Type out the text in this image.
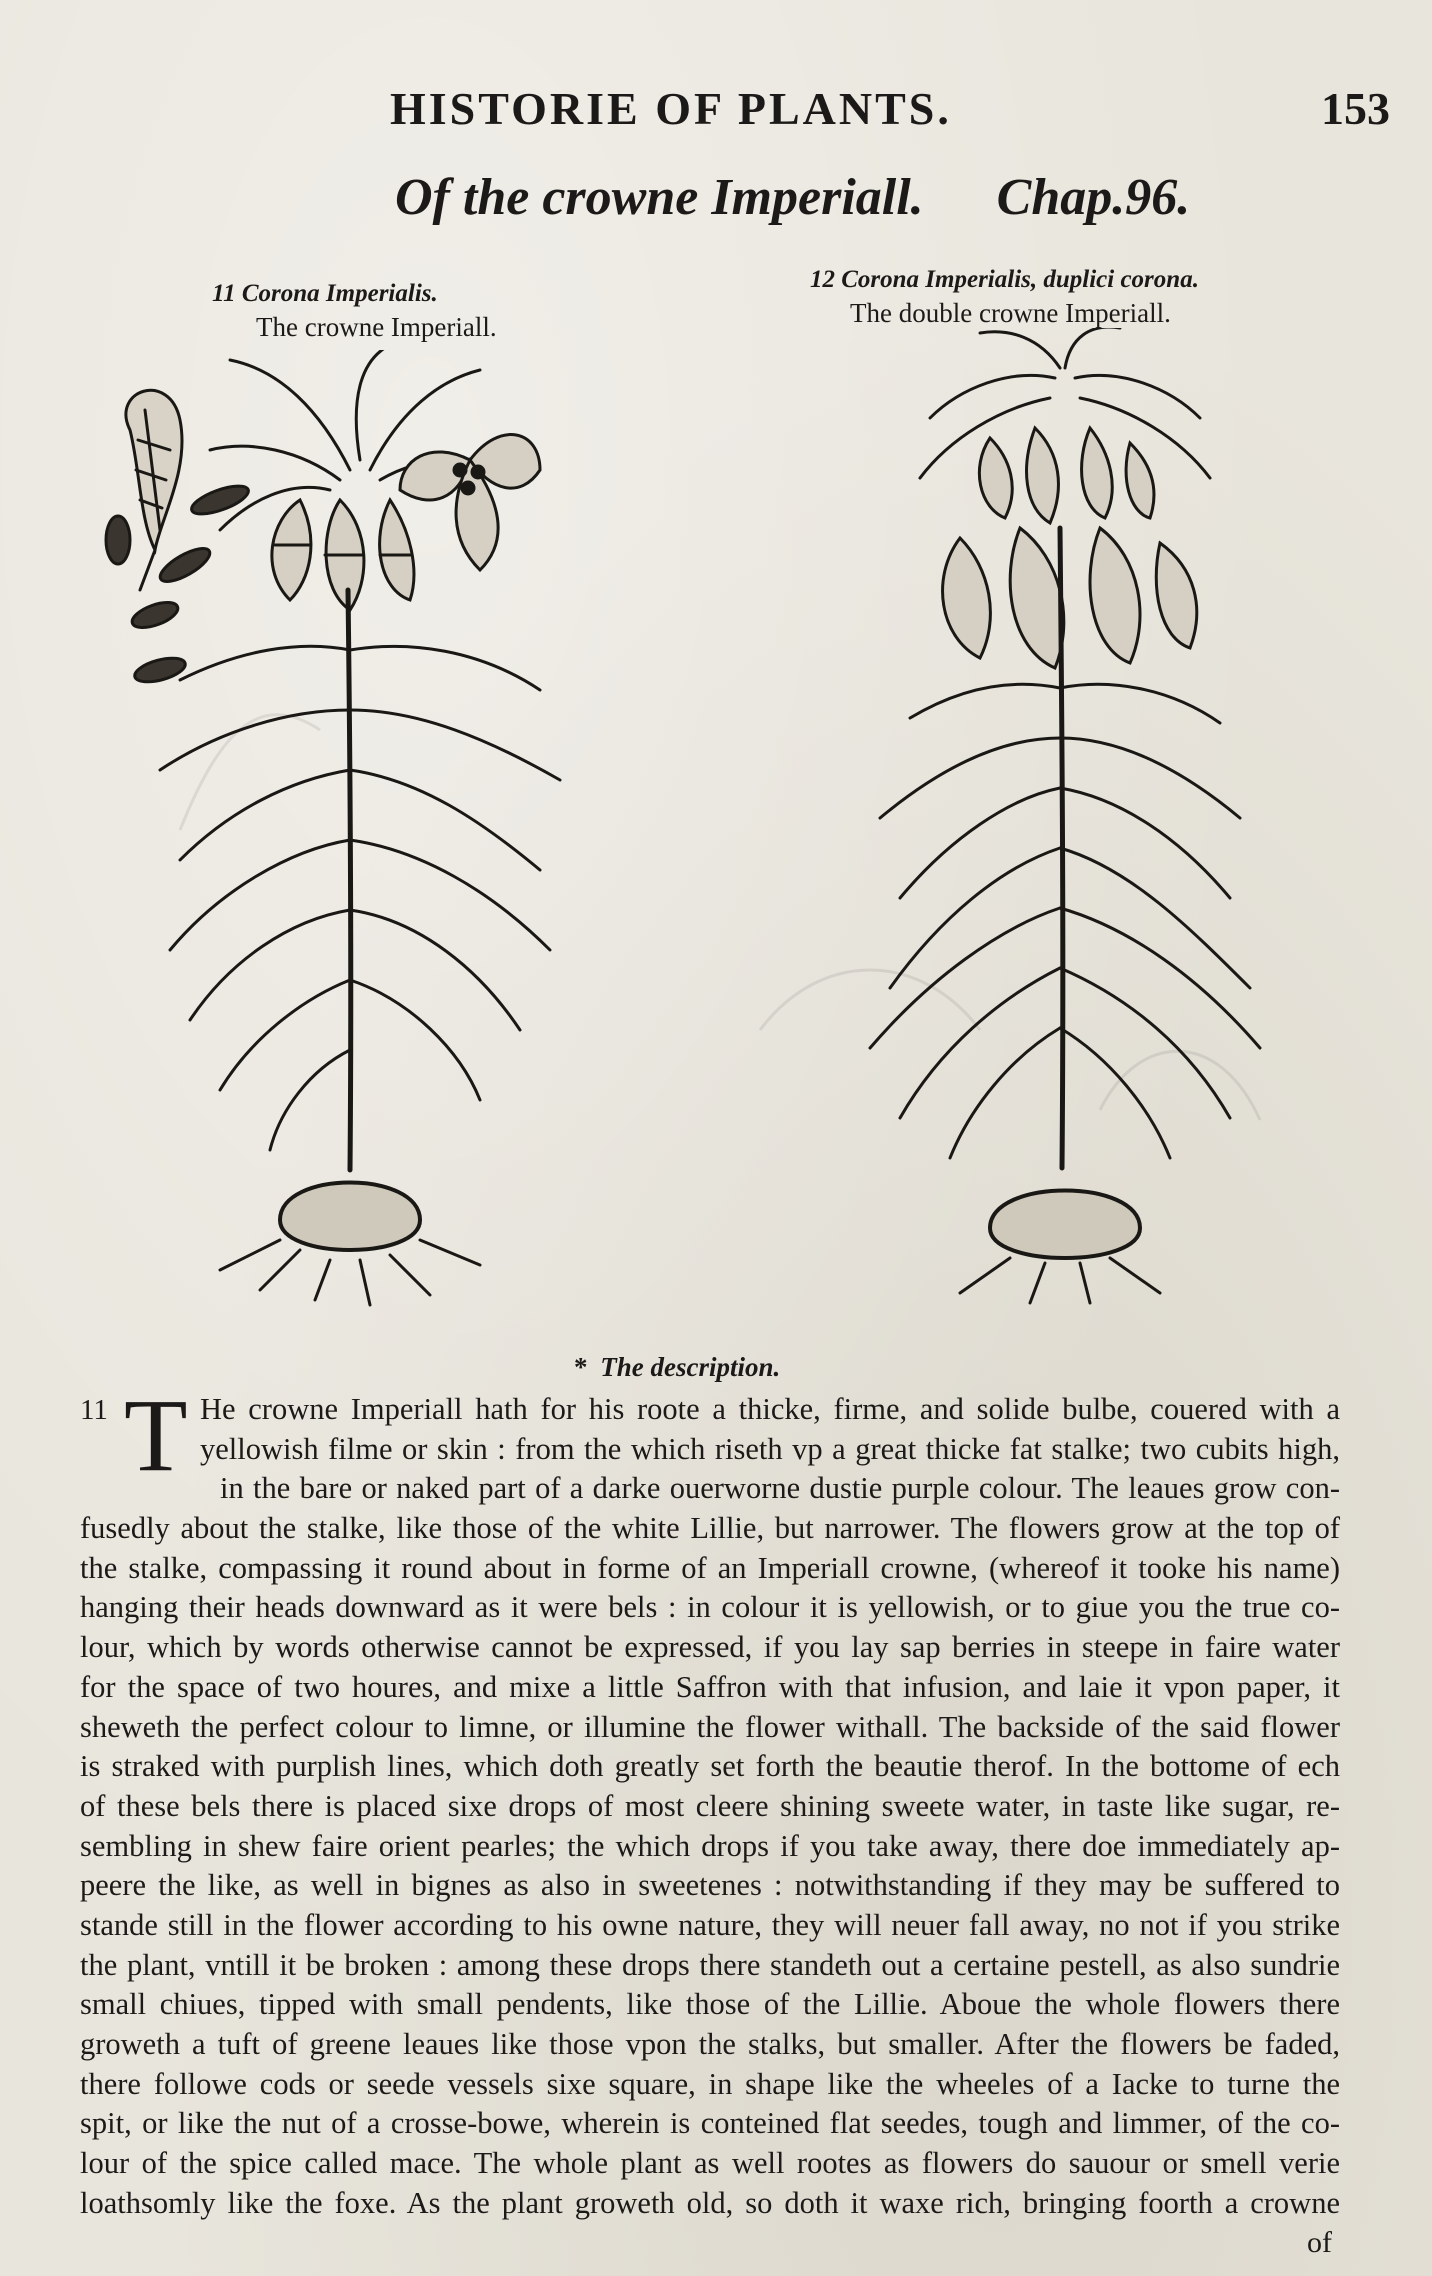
HISTORIE OF PLANTS.	153
Of the crowne Imperiall. Chap.96.
11 Corona Imperialis.
The crowne Imperiall.
12 Corona Imperialis, duplici corona.
The double crowne Imperiall.
* The description.
11 T He crowne Imperiall hath for his roote a thicke, firme, and solide bulbe, couered with a
yellowish filme or skin : from the which riseth vp a great thicke fat stalke; two cubits high,
in the bare or naked part of a darke ouerworne dustie purple colour. The leaues grow con-
fusedly about the stalke, like those of the white Lillie, but narrower. The flowers grow at the top of
the stalke, compassing it round about in forme of an Imperiall crowne, (whereof it tooke his name)
hanging their heads downward as it were bels : in colour it is yellowish, or to giue you the true co-
lour, which by words otherwise cannot be expressed, if you lay sap berries in steepe in faire water
for the space of two houres, and mixe a little Saffron with that infusion, and laie it vpon paper, it
sheweth the perfect colour to limne, or illumine the flower withall. The backside of the said flower
is straked with purplish lines, which doth greatly set forth the beautie therof. In the bottome of ech
of these bels there is placed sixe drops of most cleere shining sweete water, in taste like sugar, re-
sembling in shew faire orient pearles; the which drops if you take away, there doe immediately ap-
peere the like, as well in bignes as also in sweetenes : notwithstanding if they may be suffered to
stande still in the flower according to his owne nature, they will neuer fall away, no not if you strike
the plant, vntill it be broken : among these drops there standeth out a certaine pestell, as also sundrie
small chiues, tipped with small pendents, like those of the Lillie. Aboue the whole flowers there
groweth a tuft of greene leaues like those vpon the stalks, but smaller. After the flowers be faded,
there followe cods or seede vessels sixe square, in shape like the wheeles of a Iacke to turne the
spit, or like the nut of a crosse-bowe, wherein is conteined flat seedes, tough and limmer, of the co-
lour of the spice called mace. The whole plant as well rootes as flowers do sauour or smell verie
loathsomly like the foxe. As the plant groweth old, so doth it waxe rich, bringing foorth a crowne
of
